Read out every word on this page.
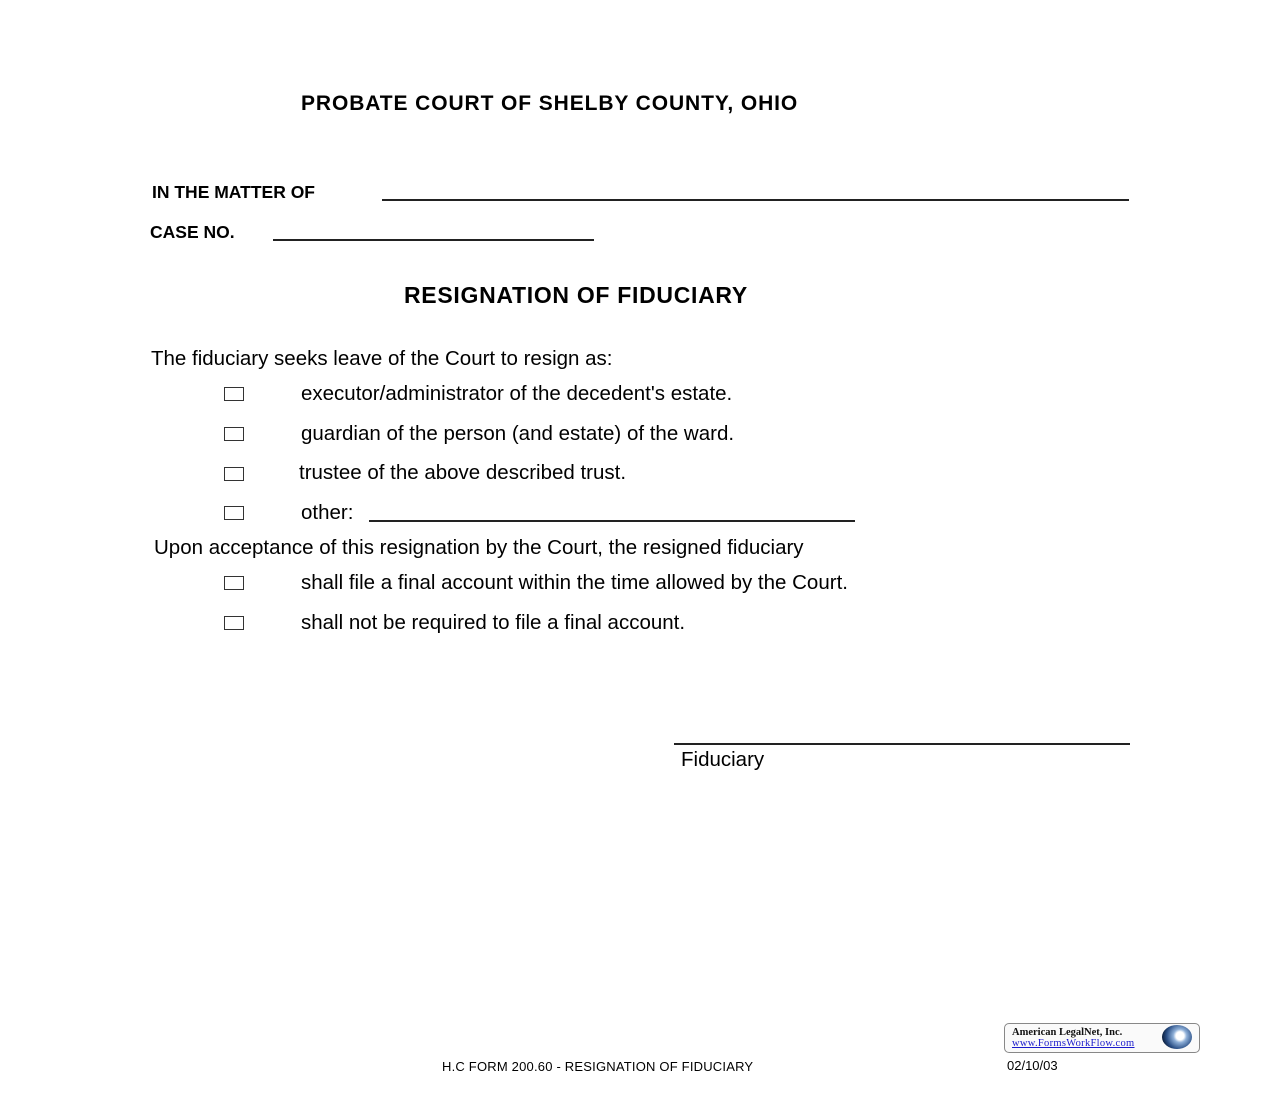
PROBATE COURT OF SHELBY COUNTY, OHIO
IN THE MATTER OF
CASE NO.
RESIGNATION OF FIDUCIARY
The fiduciary seeks leave of the Court to resign as:
executor/administrator of the decedent's estate.
guardian of the person (and estate) of the ward.
trustee of the above described trust.
other:
Upon acceptance of this resignation by the Court, the resigned fiduciary
shall file a final account within the time allowed by the Court.
shall not be required to file a final account.
Fiduciary
American LegalNet, Inc.
www.FormsWorkFlow.com
02/10/03
H.C FORM 200.60 - RESIGNATION OF FIDUCIARY
